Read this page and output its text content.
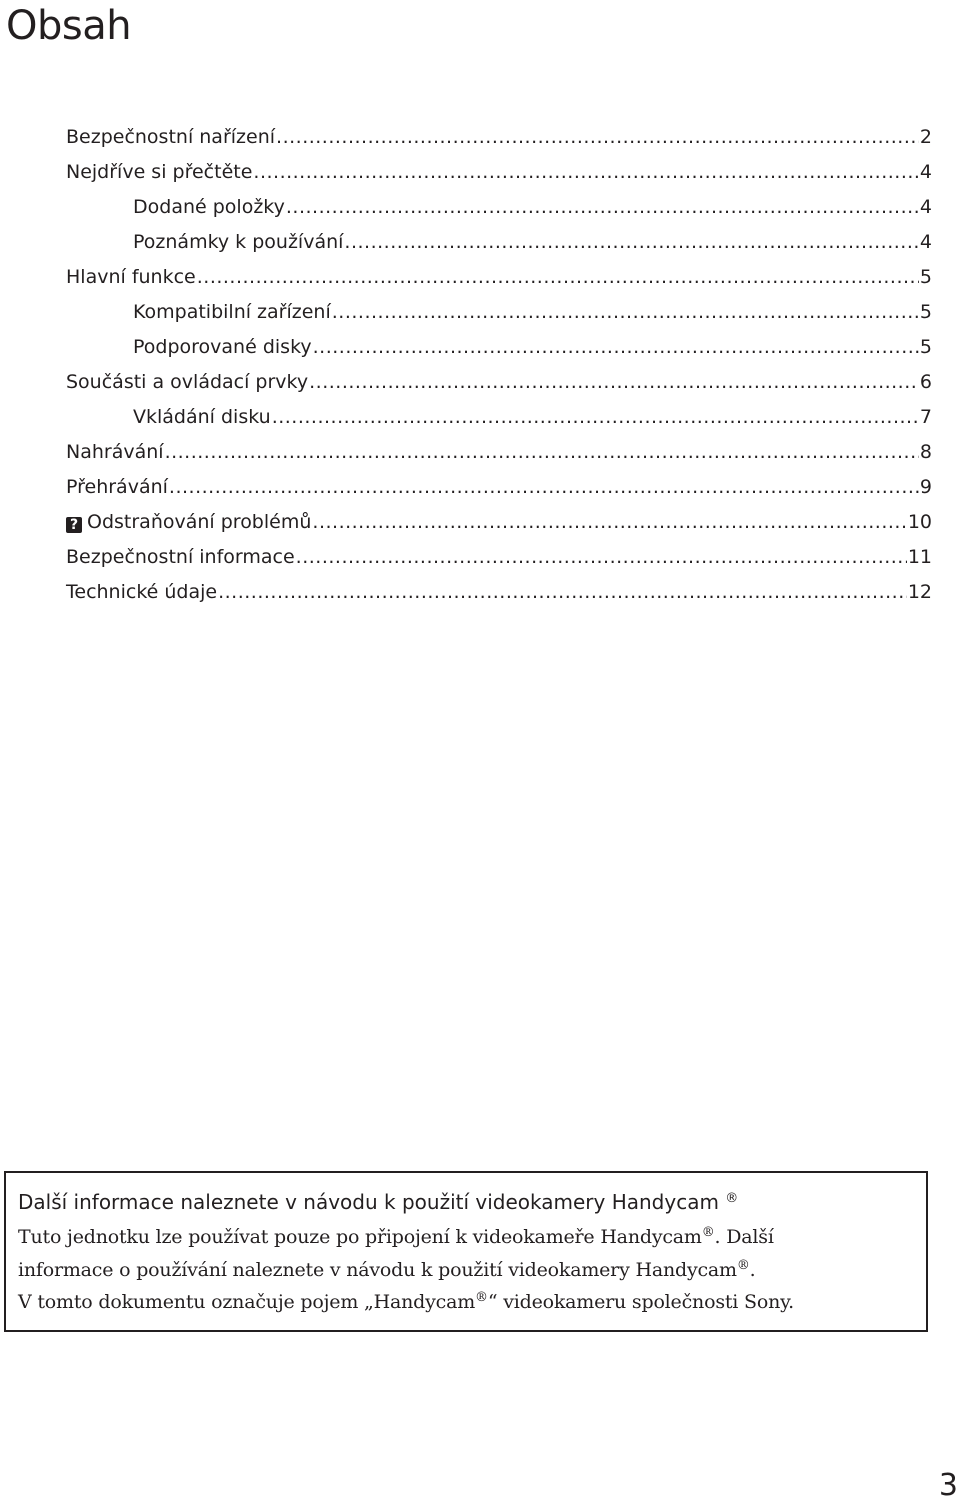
Obsah
Bezpečnostní nařízení .....	2
Nejdříve si přečtěte .....	4
Dodané položky .....	4
Poznámky k používání .....	4
Hlavní funkce .....	5
Kompatibilní zařízení .....	5
Podporované disky .....	5
Součásti a ovládací prvky .....	6
Vkládání disku .....	7
Nahrávání .....	8
Přehrávání .....	9
? Odstraňování problémů .....	10
Bezpečnostní informace .....	11
Technické údaje .....	12
Další informace naleznete v návodu k použití videokamery Handycam ®

Tuto jednotku lze používat pouze po připojení k videokameře Handycam®. Další

informace o používání naleznete v návodu k použití videokamery Handycam®.

V tomto dokumentu označuje pojem „Handycam®“ videokameru společnosti Sony.

3
